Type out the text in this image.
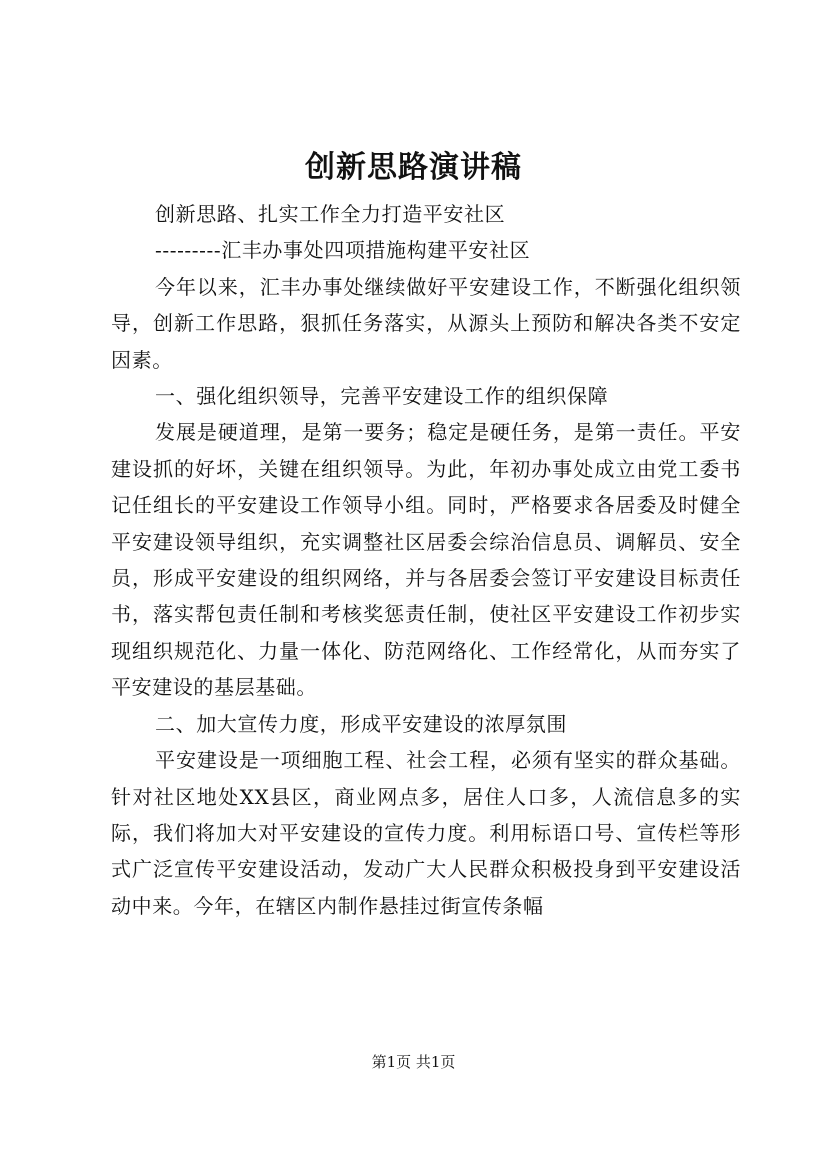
创新思路演讲稿

创新思路、扎实工作全力打造平安社区

---------汇丰办事处四项措施构建平安社区

今年以来，汇丰办事处继续做好平安建设工作，不断强化组织领导，创新工作思路，狠抓任务落实，从源头上预防和解决各类不安定因素。

一、强化组织领导，完善平安建设工作的组织保障

发展是硬道理，是第一要务；稳定是硬任务，是第一责任。平安建设抓的好坏，关键在组织领导。为此，年初办事处成立由党工委书记任组长的平安建设工作领导小组。同时，严格要求各居委及时健全平安建设领导组织，充实调整社区居委会综治信息员、调解员、安全员，形成平安建设的组织网络，并与各居委会签订平安建设目标责任书，落实帮包责任制和考核奖惩责任制，使社区平安建设工作初步实现组织规范化、力量一体化、防范网络化、工作经常化，从而夯实了平安建设的基层基础。

二、加大宣传力度，形成平安建设的浓厚氛围

平安建设是一项细胞工程、社会工程，必须有坚实的群众基础。针对社区地处XX县区，商业网点多，居住人口多，人流信息多的实际，我们将加大对平安建设的宣传力度。利用标语口号、宣传栏等形式广泛宣传平安建设活动，发动广大人民群众积极投身到平安建设活动中来。今年，在辖区内制作悬挂过街宣传条幅

第1页 共1页
